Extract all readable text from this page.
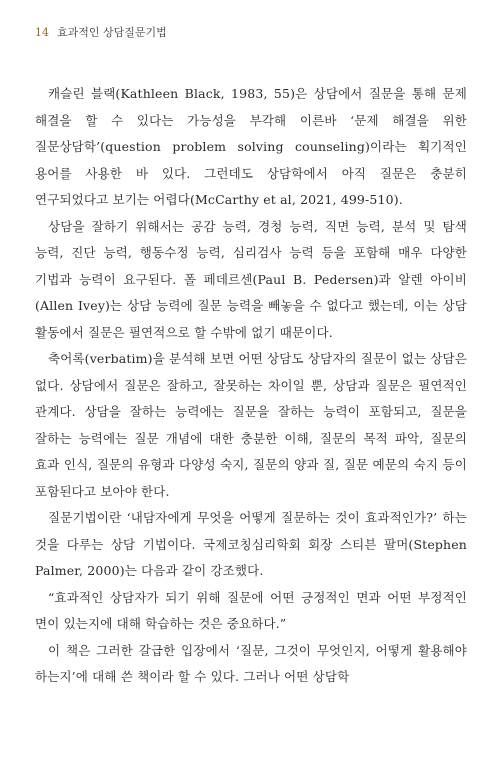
14 효과적인 상담질문기법

캐슬린 블랙(Kathleen Black, 1983, 55)은 상담에서 질문을 통해 문제 해결을 할 수 있다는 가능성을 부각해 이른바 ‘문제 해결을 위한 질문상담학’(question problem solving counseling)이라는 획기적인 용어를 사용한 바 있다. 그런데도 상담학에서 아직 질문은 충분히 연구되었다고 보기는 어렵다(McCarthy et al, 2021, 499-510).

상담을 잘하기 위해서는 공감 능력, 경청 능력, 직면 능력, 분석 및 탐색 능력, 진단 능력, 행동수정 능력, 심리검사 능력 등을 포함해 매우 다양한 기법과 능력이 요구된다. 폴 페데르센(Paul B. Pedersen)과 알렌 아이비(Allen Ivey)는 상담 능력에 질문 능력을 빼놓을 수 없다고 했는데, 이는 상담 활동에서 질문은 필연적으로 할 수밖에 없기 때문이다.

축어록(verbatim)을 분석해 보면 어떤 상담도 상담자의 질문이 없는 상담은 없다. 상담에서 질문은 잘하고, 잘못하는 차이일 뿐, 상담과 질문은 필연적인 관계다. 상담을 잘하는 능력에는 질문을 잘하는 능력이 포함되고, 질문을 잘하는 능력에는 질문 개념에 대한 충분한 이해, 질문의 목적 파악, 질문의 효과 인식, 질문의 유형과 다양성 숙지, 질문의 양과 질, 질문 예문의 숙지 등이 포함된다고 보아야 한다.

질문기법이란 ‘내담자에게 무엇을 어떻게 질문하는 것이 효과적인가?’ 하는 것을 다루는 상담 기법이다. 국제코칭심리학회 회장 스티븐 팔머(Stephen Palmer, 2000)는 다음과 같이 강조했다.

“효과적인 상담자가 되기 위해 질문에 어떤 긍정적인 면과 어떤 부정적인 면이 있는지에 대해 학습하는 것은 중요하다.”

이 책은 그러한 갈급한 입장에서 ‘질문, 그것이 무엇인지, 어떻게 활용해야 하는지’에 대해 쓴 책이라 할 수 있다. 그러나 어떤 상담학
